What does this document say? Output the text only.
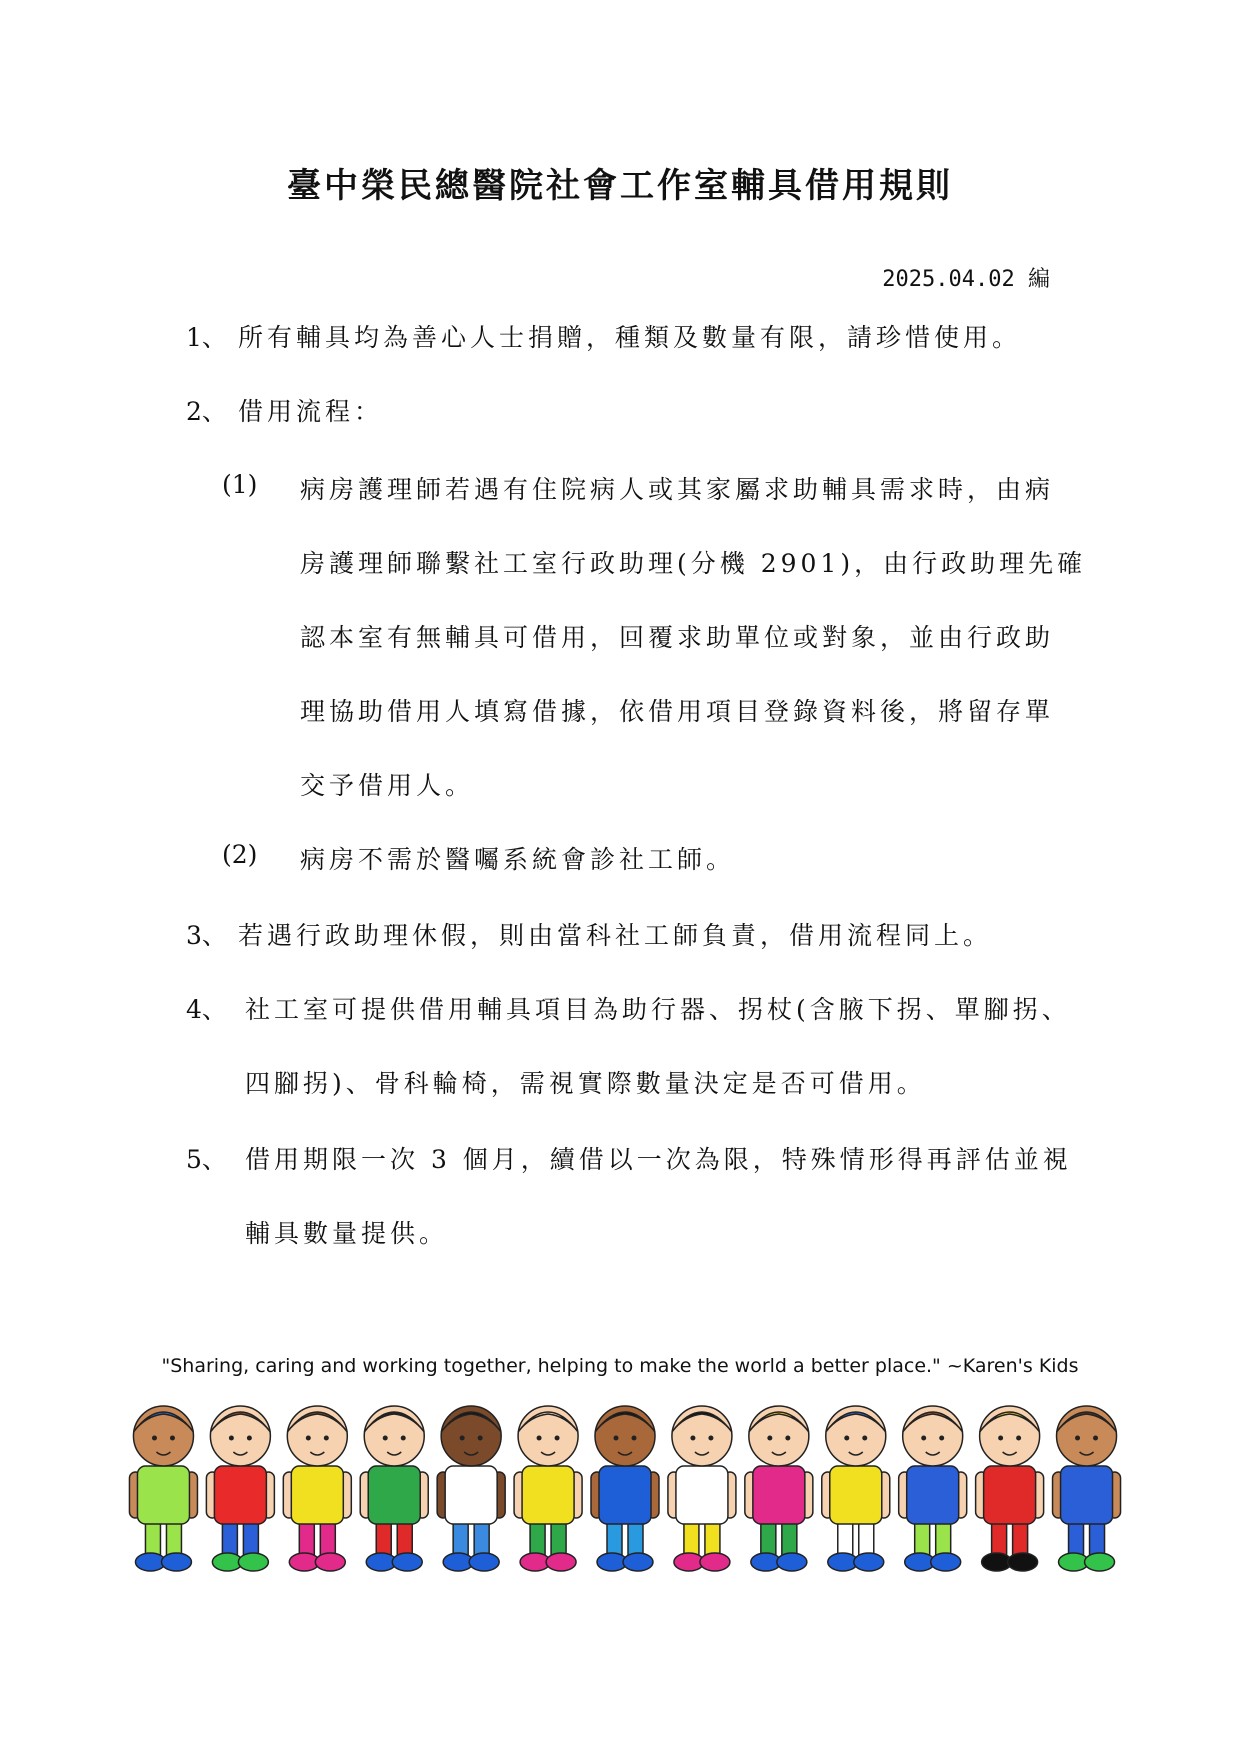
臺中榮民總醫院社會工作室輔具借用規則
2025.04.02 編
1、 所有輔具均為善心人士捐贈，種類及數量有限，請珍惜使用。
2、 借用流程：
(1) 病房護理師若遇有住院病人或其家屬求助輔具需求時，由病
房護理師聯繫社工室行政助理(分機 2901)，由行政助理先確
認本室有無輔具可借用，回覆求助單位或對象，並由行政助
理協助借用人填寫借據，依借用項目登錄資料後，將留存單
交予借用人。
(2) 病房不需於醫囑系統會診社工師。
3、 若遇行政助理休假，則由當科社工師負責，借用流程同上。
4、 社工室可提供借用輔具項目為助行器、拐杖(含腋下拐、單腳拐、
四腳拐)、骨科輪椅，需視實際數量決定是否可借用。
5、 借用期限一次 3 個月，續借以一次為限，特殊情形得再評估並視
輔具數量提供。
"Sharing, caring and working together, helping to make the world a better place." ~Karen's Kids
